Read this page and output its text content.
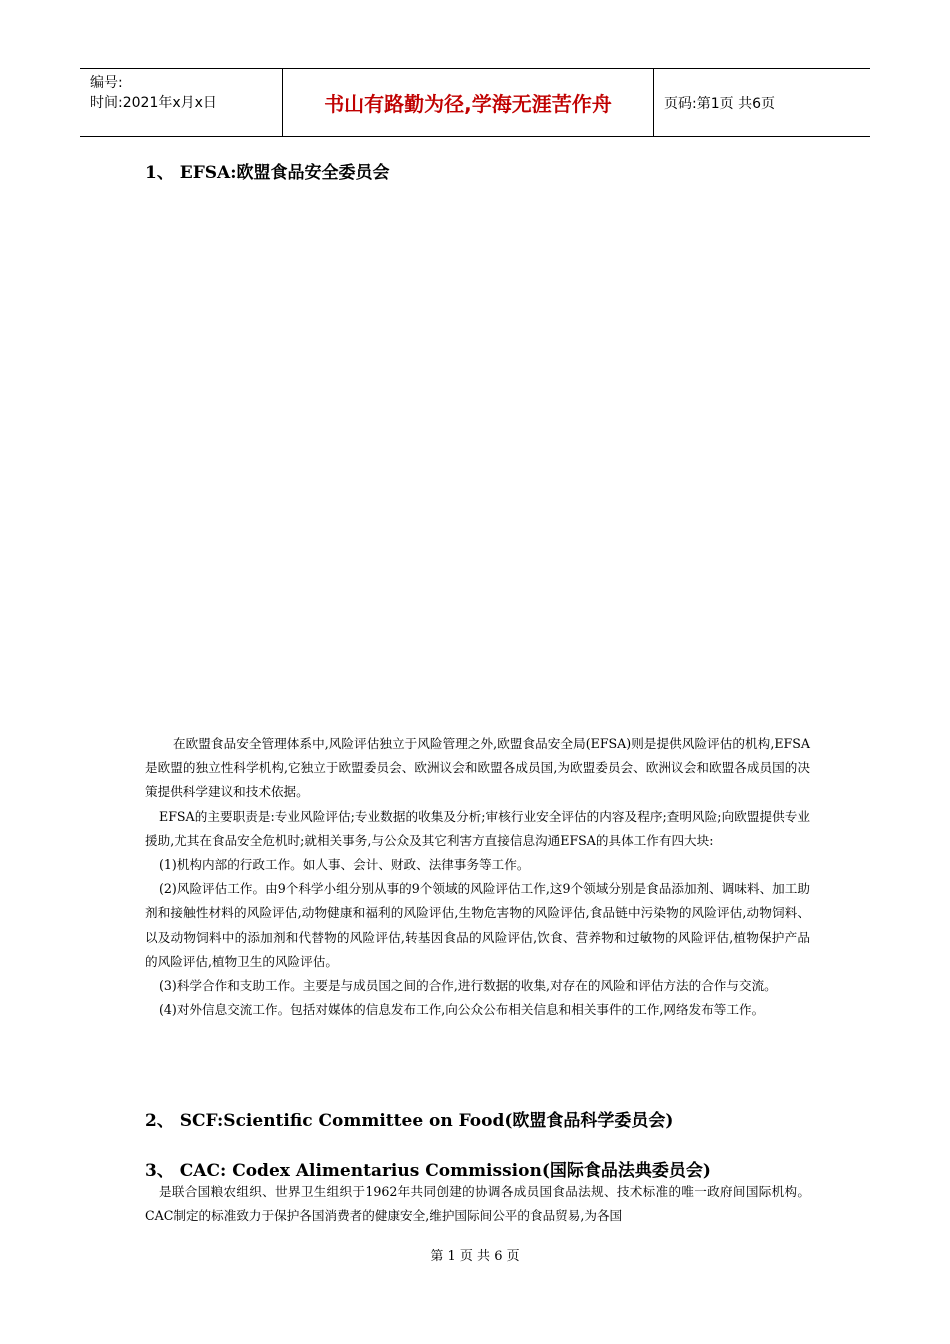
编号:
时间:2021年x月x日	书山有路勤为径,学海无涯苦作舟	页码:第1页 共6页
1、 EFSA:欧盟食品安全委员会

在欧盟食品安全管理体系中,风险评估独立于风险管理之外,欧盟食品安全局(EFSA)则是提供风险评估的机构,EFSA是欧盟的独立性科学机构,它独立于欧盟委员会、欧洲议会和欧盟各成员国,为欧盟委员会、欧洲议会和欧盟各成员国的决策提供科学建议和技术依据。

EFSA的主要职责是:专业风险评估;专业数据的收集及分析;审核行业安全评估的内容及程序;查明风险;向欧盟提供专业援助,尤其在食品安全危机时;就相关事务,与公众及其它利害方直接信息沟通EFSA的具体工作有四大块:

(1)机构内部的行政工作。如人事、会计、财政、法律事务等工作。

(2)风险评估工作。由9个科学小组分别从事的9个领域的风险评估工作,这9个领域分别是食品添加剂、调味料、加工助剂和接触性材料的风险评估,动物健康和福利的风险评估,生物危害物的风险评估,食品链中污染物的风险评估,动物饲料、以及动物饲料中的添加剂和代替物的风险评估,转基因食品的风险评估,饮食、营养物和过敏物的风险评估,植物保护产品的风险评估,植物卫生的风险评估。

(3)科学合作和支助工作。主要是与成员国之间的合作,进行数据的收集,对存在的风险和评估方法的合作与交流。

(4)对外信息交流工作。包括对媒体的信息发布工作,向公众公布相关信息和相关事件的工作,网络发布等工作。

2、 SCF:Scientific Committee on Food(欧盟食品科学委员会)
3、 CAC: Codex Alimentarius Commission(国际食品法典委员会)

是联合国粮农组织、世界卫生组织于1962年共同创建的协调各成员国食品法规、技术标准的唯一政府间国际机构。CAC制定的标准致力于保护各国消费者的健康安全,维护国际间公平的食品贸易,为各国

第 1 页 共 6 页
